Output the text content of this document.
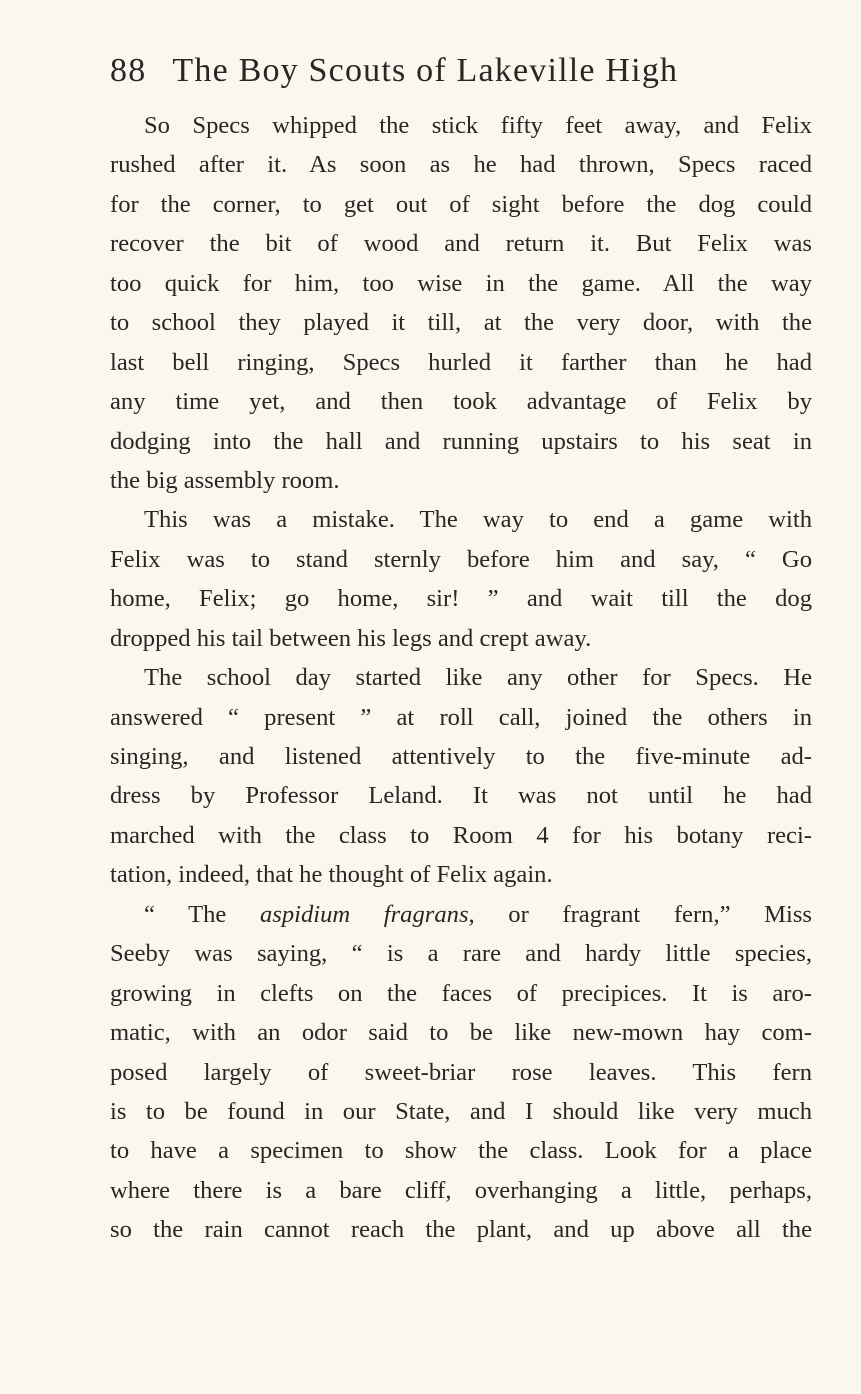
88 The Boy Scouts of Lakeville High
So Specs whipped the stick fifty feet away, and Felix
rushed after it. As soon as he had thrown, Specs raced
for the corner, to get out of sight before the dog could
recover the bit of wood and return it. But Felix was
too quick for him, too wise in the game. All the way
to school they played it till, at the very door, with the
last bell ringing, Specs hurled it farther than he had
any time yet, and then took advantage of Felix by
dodging into the hall and running upstairs to his seat in
the big assembly room.
This was a mistake. The way to end a game with
Felix was to stand sternly before him and say, “ Go
home, Felix; go home, sir! ” and wait till the dog
dropped his tail between his legs and crept away.
The school day started like any other for Specs. He
answered “ present ” at roll call, joined the others in
singing, and listened attentively to the five-minute ad-
dress by Professor Leland. It was not until he had
marched with the class to Room 4 for his botany reci-
tation, indeed, that he thought of Felix again.
“ The aspidium fragrans, or fragrant fern,” Miss
Seeby was saying, “ is a rare and hardy little species,
growing in clefts on the faces of precipices. It is aro-
matic, with an odor said to be like new-mown hay com-
posed largely of sweet-briar rose leaves. This fern
is to be found in our State, and I should like very much
to have a specimen to show the class. Look for a place
where there is a bare cliff, overhanging a little, perhaps,
so the rain cannot reach the plant, and up above all the
